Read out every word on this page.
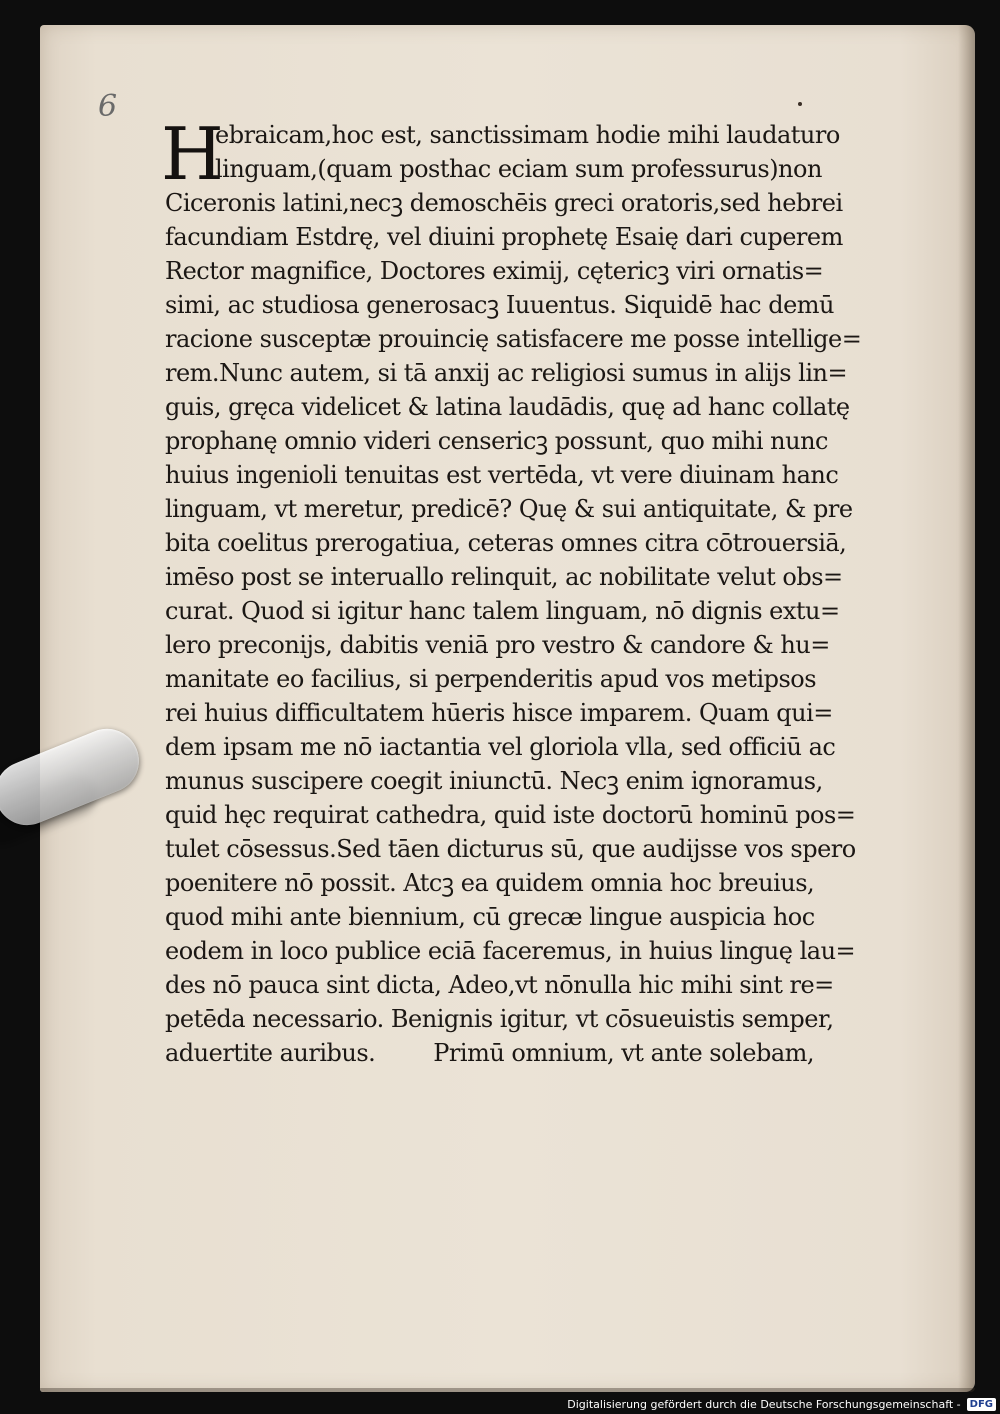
6
H
ebraicam,hoc est, sanctissimam hodie mihi laudaturo
linguam,(quam posthac eciam sum professurus)non
Ciceronis latini,necꝫ demoschēis greci oratoris,sed hebrei
facundiam Estdrę, vel diuini prophetę Esaię dari cuperem
Rector magnifice, Doctores eximij, cętericꝫ viri ornatis=
simi, ac studiosa generosacꝫ Iuuentus. Siquidē hac demū
racione susceptæ prouincię satisfacere me posse intellige=
rem.Nunc autem, si tā anxij ac religiosi sumus in alijs lin=
guis, gręca videlicet & latina laudādis, quę ad hanc collatę
prophanę omnio videri censericꝫ possunt, quo mihi nunc
huius ingenioli tenuitas est vertēda, vt vere diuinam hanc
linguam, vt meretur, predicē? Quę & sui antiquitate, & pre
bita coelitus prerogatiua, ceteras omnes citra cōtrouersiā,
imēso post se interuallo relinquit, ac nobilitate velut obs=
curat. Quod si igitur hanc talem linguam, nō dignis extu=
lero preconijs, dabitis veniā pro vestro & candore & hu=
manitate eo facilius, si perpenderitis apud vos metipsos
rei huius difficultatem hūeris hisce imparem. Quam qui=
dem ipsam me nō iactantia vel gloriola vlla, sed officiū ac
munus suscipere coegit iniunctū. Necꝫ enim ignoramus,
quid hęc requirat cathedra, quid iste doctorū hominū pos=
tulet cōsessus.Sed tāen dicturus sū, que audijsse vos spero
poenitere nō possit. Atcꝫ ea quidem omnia hoc breuius,
quod mihi ante biennium, cū grecæ lingue auspicia hoc
eodem in loco publice eciā faceremus, in huius linguę lau=
des nō pauca sint dicta, Adeo,vt nōnulla hic mihi sint re=
petēda necessario. Benignis igitur, vt cōsueuistis semper,
aduertite auribus. Primū omnium, vt ante solebam,
Digitalisierung gefördert durch die Deutsche Forschungsgemeinschaft - DFG
